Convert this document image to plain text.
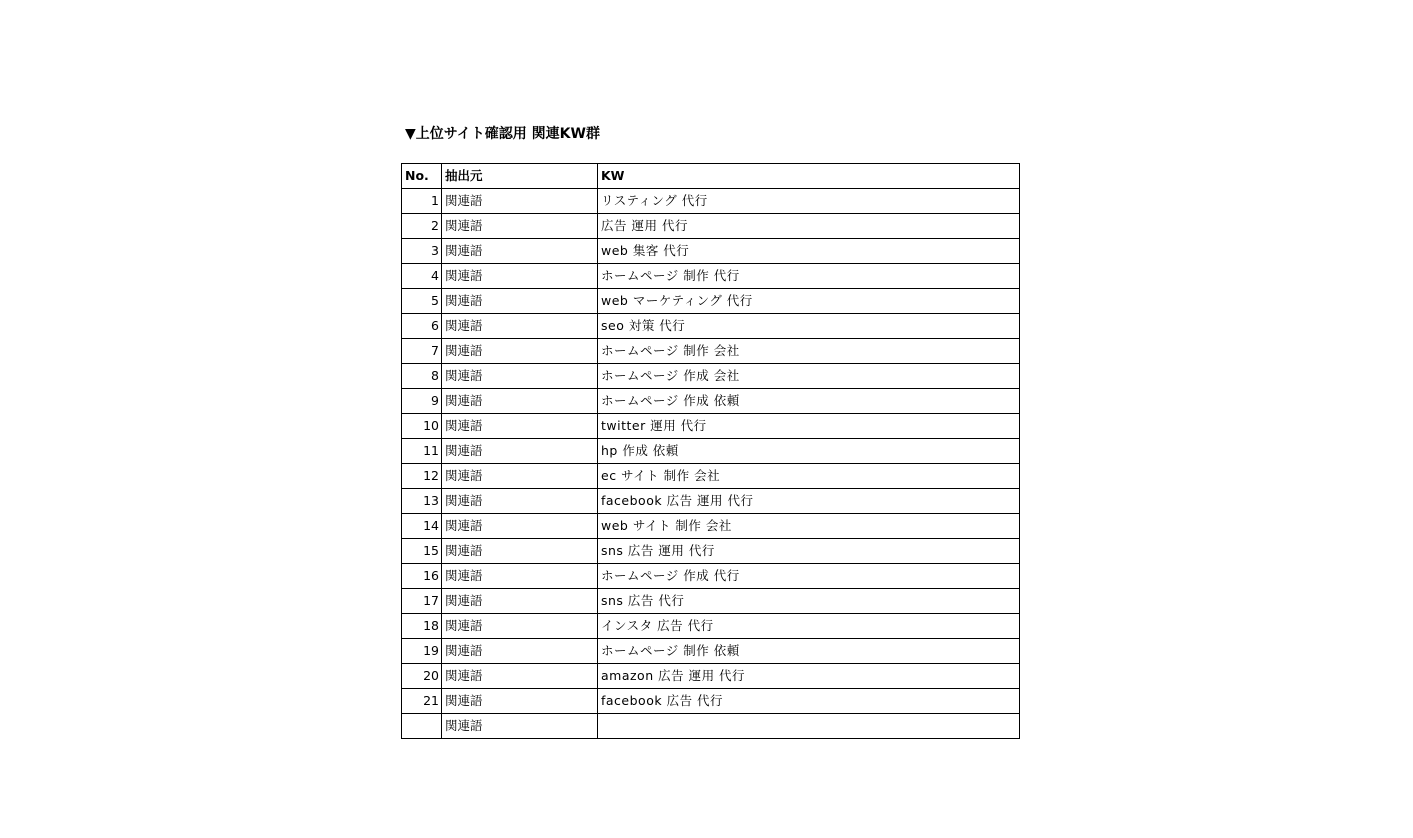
▼上位サイト確認用 関連KW群
No.	抽出元	KW
1	関連語	リスティング 代行
2	関連語	広告 運用 代行
3	関連語	web 集客 代行
4	関連語	ホームページ 制作 代行
5	関連語	web マーケティング 代行
6	関連語	seo 対策 代行
7	関連語	ホームページ 制作 会社
8	関連語	ホームページ 作成 会社
9	関連語	ホームページ 作成 依頼
10	関連語	twitter 運用 代行
11	関連語	hp 作成 依頼
12	関連語	ec サイト 制作 会社
13	関連語	facebook 広告 運用 代行
14	関連語	web サイト 制作 会社
15	関連語	sns 広告 運用 代行
16	関連語	ホームページ 作成 代行
17	関連語	sns 広告 代行
18	関連語	インスタ 広告 代行
19	関連語	ホームページ 制作 依頼
20	関連語	amazon 広告 運用 代行
21	関連語	facebook 広告 代行
	関連語	
